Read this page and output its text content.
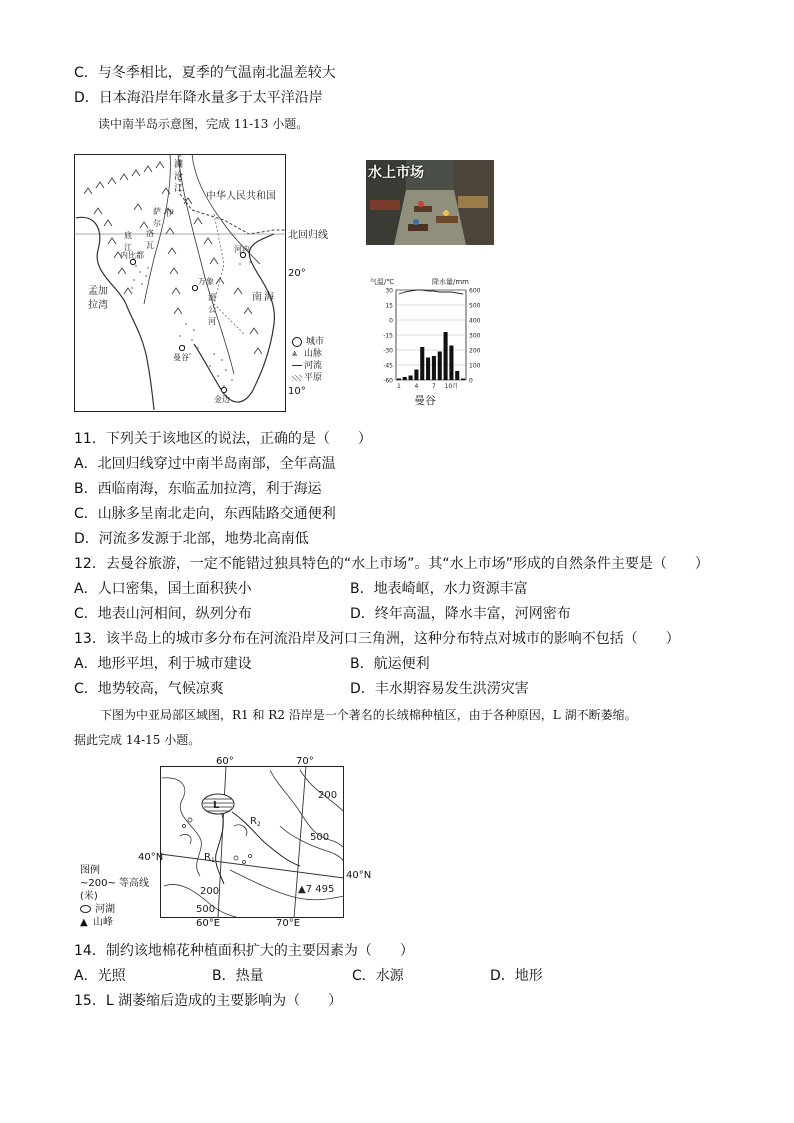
C．与冬季相比，夏季的气温南北温差较大
D．日本海沿岸年降水量多于太平洋沿岸
读中南半岛示意图，完成 11-13 小题。
中华人民共和国
澜
沧
江
孟 加
拉 湾
南 海
萨
尔
伊
洛
瓦
底
江
内比都
河内
万象
湄
公
河
曼谷
金边
北回归线
20°
10°
城市
⩓ 山脉
河流
平原
水上市场
气温/℃	降水量/mm
30
15
0
-15
-30
-45
-60
600
500
400
300
200
100
0
1 4 7 10月
曼谷
11．下列关于该地区的说法，正确的是（　　）
A．北回归线穿过中南半岛南部，全年高温
B．西临南海，东临孟加拉湾，利于海运
C．山脉多呈南北走向，东西陆路交通便利
D．河流多发源于北部，地势北高南低
12．去曼谷旅游，一定不能错过独具特色的“水上市场”。其“水上市场”形成的自然条件主要是（　　）
A．人口密集，国土面积狭小	B．地表崎岖，水力资源丰富
C．地表山河相间，纵列分布	D．终年高温，降水丰富，河网密布
13．该半岛上的城市多分布在河流沿岸及河口三角洲，这种分布特点对城市的影响不包括（　　）
A．地形平坦，利于城市建设	B．航运便利
C．地势较高，气候凉爽	D．丰水期容易发生洪涝灾害
下图为中亚局部区域图，R1 和 R2 沿岸是一个著名的长绒棉种植区，由于各种原因，L 湖不断萎缩。
据此完成 14-15 小题。
L
$R_2$
$R_1$
200
500
200
500
▲7 495
60°	70°
60°E	70°E
40°N
40°N
图例
~200~ 等高线(米)
河湖
▲ 山峰
14．制约该地棉花种植面积扩大的主要因素为（　　）
A．光照	B．热量	C．水源	D．地形
15．L 湖萎缩后造成的主要影响为（　　）
